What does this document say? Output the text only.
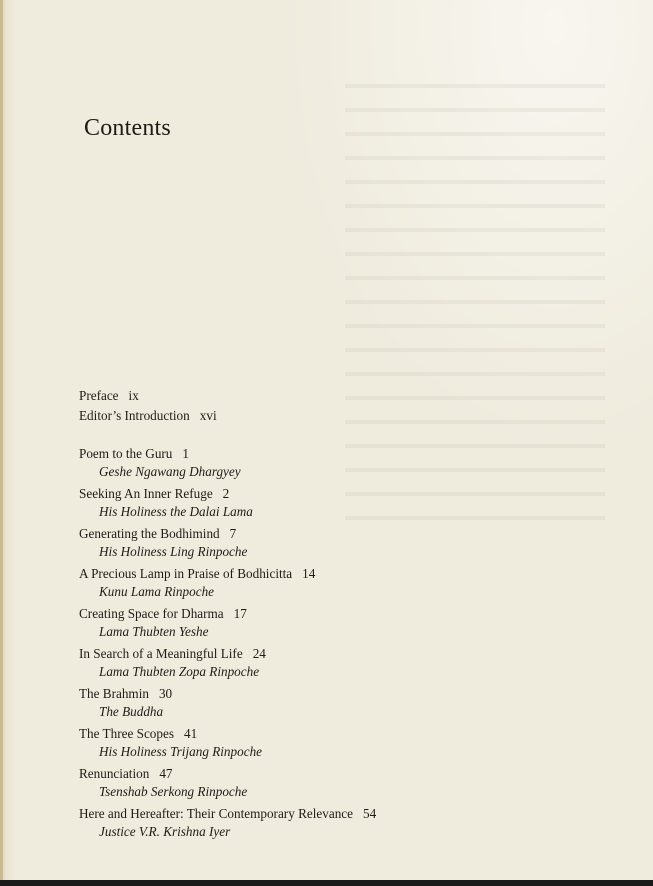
Contents
Preface ix
Editor’s Introduction xvi
Poem to the Guru 1
Geshe Ngawang Dhargyey
Seeking An Inner Refuge 2
His Holiness the Dalai Lama
Generating the Bodhimind 7
His Holiness Ling Rinpoche
A Precious Lamp in Praise of Bodhicitta 14
Kunu Lama Rinpoche
Creating Space for Dharma 17
Lama Thubten Yeshe
In Search of a Meaningful Life 24
Lama Thubten Zopa Rinpoche
The Brahmin 30
The Buddha
The Three Scopes 41
His Holiness Trijang Rinpoche
Renunciation 47
Tsenshab Serkong Rinpoche
Here and Hereafter: Their Contemporary Relevance 54
Justice V.R. Krishna Iyer
